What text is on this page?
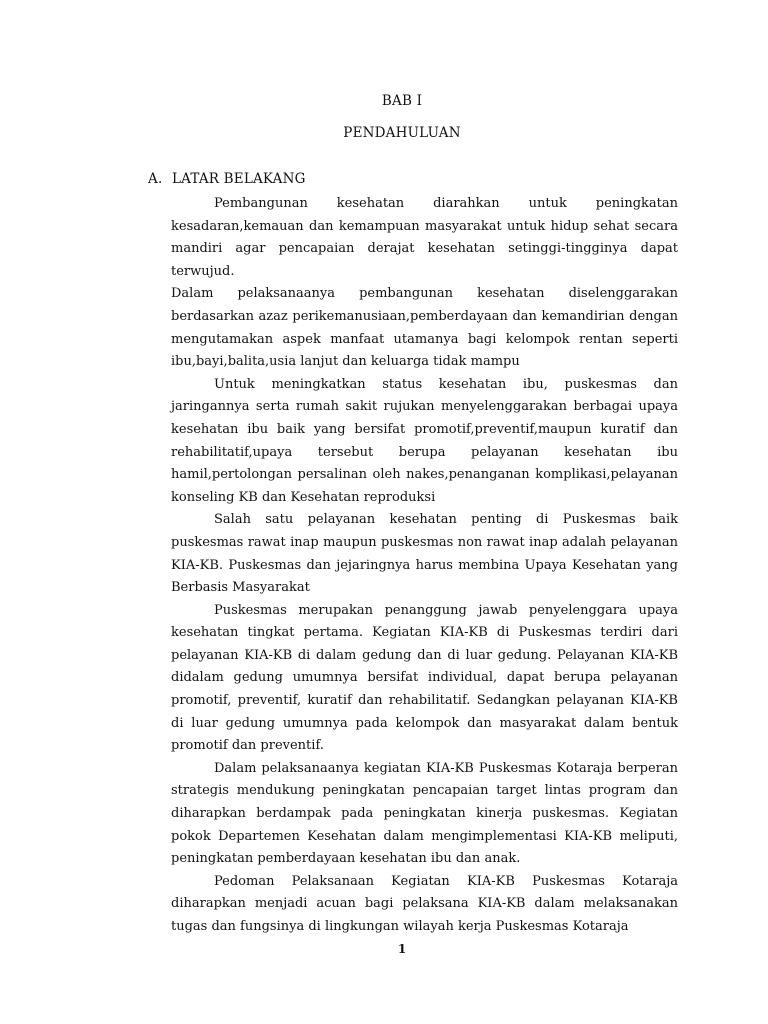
BAB I
PENDAHULUAN
A. LATAR BELAKANG

Pembangunan kesehatan diarahkan untuk peningkatan kesadaran,kemauan dan kemampuan masyarakat untuk hidup sehat secara mandiri agar pencapaian derajat kesehatan setinggi-tingginya dapat terwujud.

Dalam pelaksanaanya pembangunan kesehatan diselenggarakan berdasarkan azaz perikemanusiaan,pemberdayaan dan kemandirian dengan mengutamakan aspek manfaat utamanya bagi kelompok rentan seperti ibu,bayi,balita,usia lanjut dan keluarga tidak mampu

Untuk meningkatkan status kesehatan ibu, puskesmas dan jaringannya serta rumah sakit rujukan menyelenggarakan berbagai upaya kesehatan ibu baik yang bersifat promotif,preventif,maupun kuratif dan rehabilitatif,upaya tersebut berupa pelayanan kesehatan ibu hamil,pertolongan persalinan oleh nakes,penanganan komplikasi,pelayanan konseling KB dan Kesehatan reproduksi

Salah satu pelayanan kesehatan penting di Puskesmas baik puskesmas rawat inap maupun puskesmas non rawat inap adalah pelayanan KIA-KB. Puskesmas dan jejaringnya harus membina Upaya Kesehatan yang Berbasis Masyarakat

Puskesmas merupakan penanggung jawab penyelenggara upaya kesehatan tingkat pertama. Kegiatan KIA-KB di Puskesmas terdiri dari pelayanan KIA-KB di dalam gedung dan di luar gedung. Pelayanan KIA-KB didalam gedung umumnya bersifat individual, dapat berupa pelayanan promotif, preventif, kuratif dan rehabilitatif. Sedangkan pelayanan KIA-KB di luar gedung umumnya pada kelompok dan masyarakat dalam bentuk promotif dan preventif.

Dalam pelaksanaanya kegiatan KIA-KB Puskesmas Kotaraja berperan strategis mendukung peningkatan pencapaian target lintas program dan diharapkan berdampak pada peningkatan kinerja puskesmas. Kegiatan pokok Departemen Kesehatan dalam mengimplementasi KIA-KB meliputi, peningkatan pemberdayaan kesehatan ibu dan anak.

Pedoman Pelaksanaan Kegiatan KIA-KB Puskesmas Kotaraja diharapkan menjadi acuan bagi pelaksana KIA-KB dalam melaksanakan tugas dan fungsinya di lingkungan wilayah kerja Puskesmas Kotaraja

1
